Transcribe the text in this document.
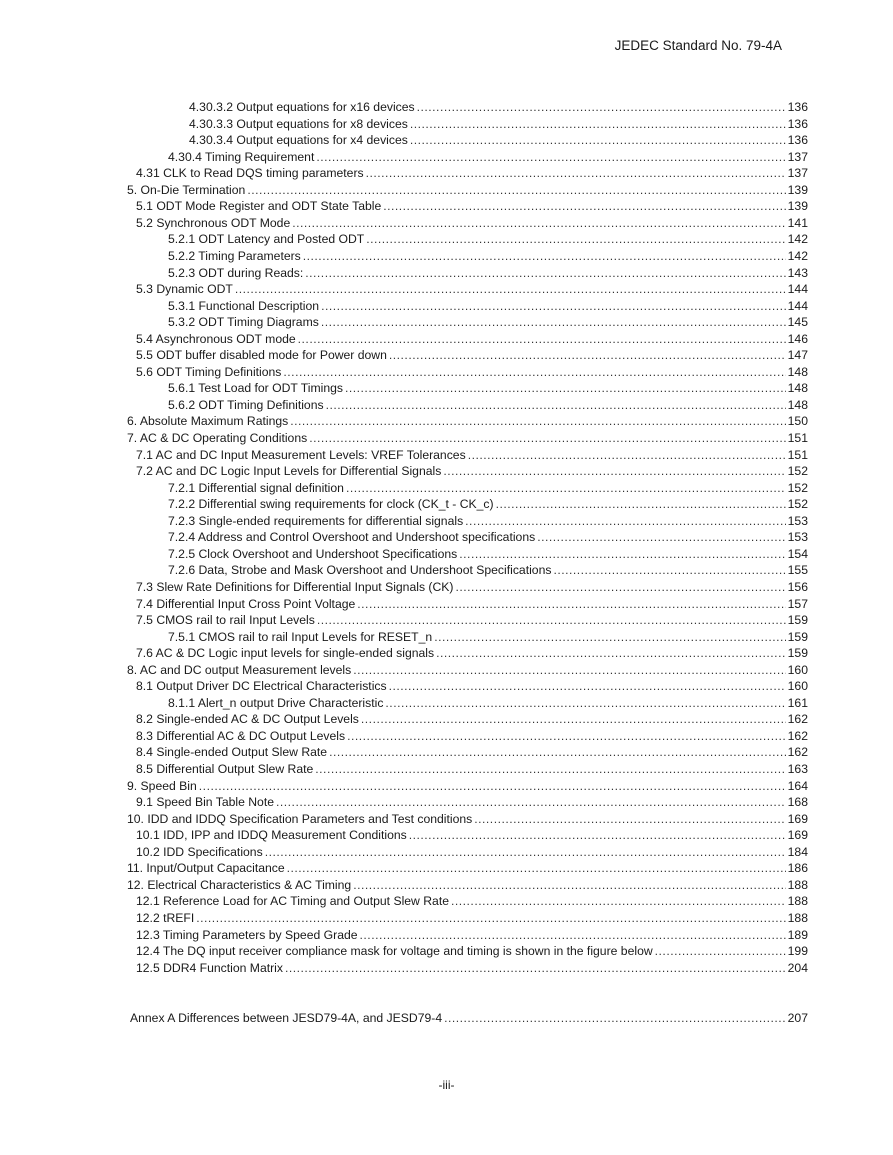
JEDEC Standard No. 79-4A
4.30.3.2 Output equations for x16 devices .....	136
4.30.3.3 Output equations for x8 devices .....	136
4.30.3.4 Output equations for x4 devices .....	136
4.30.4 Timing Requirement .....	137
4.31 CLK to Read DQS timing parameters .....	137
5. On-Die Termination .....	139
5.1 ODT Mode Register and ODT State Table .....	139
5.2 Synchronous ODT Mode .....	141
5.2.1 ODT Latency and Posted ODT .....	142
5.2.2 Timing Parameters .....	142
5.2.3 ODT during Reads: .....	143
5.3 Dynamic ODT .....	144
5.3.1 Functional Description .....	144
5.3.2 ODT Timing Diagrams .....	145
5.4 Asynchronous ODT mode .....	146
5.5 ODT buffer disabled mode for Power down .....	147
5.6 ODT Timing Definitions .....	148
5.6.1 Test Load for ODT Timings .....	148
5.6.2 ODT Timing Definitions .....	148
6. Absolute Maximum Ratings .....	150
7. AC & DC Operating Conditions .....	151
7.1 AC and DC Input Measurement Levels: VREF Tolerances .....	151
7.2 AC and DC Logic Input Levels for Differential Signals .....	152
7.2.1 Differential signal definition .....	152
7.2.2 Differential swing requirements for clock (CK_t - CK_c) .....	152
7.2.3 Single-ended requirements for differential signals .....	153
7.2.4 Address and Control Overshoot and Undershoot specifications .....	153
7.2.5 Clock Overshoot and Undershoot Specifications .....	154
7.2.6 Data, Strobe and Mask Overshoot and Undershoot Specifications .....	155
7.3 Slew Rate Definitions for Differential Input Signals (CK) .....	156
7.4 Differential Input Cross Point Voltage .....	157
7.5 CMOS rail to rail Input Levels .....	159
7.5.1 CMOS rail to rail Input Levels for RESET_n .....	159
7.6 AC & DC Logic input levels for single-ended signals .....	159
8. AC and DC output Measurement levels .....	160
8.1 Output Driver DC Electrical Characteristics .....	160
8.1.1 Alert_n output Drive Characteristic .....	161
8.2 Single-ended AC & DC Output Levels .....	162
8.3 Differential AC & DC Output Levels .....	162
8.4 Single-ended Output Slew Rate .....	162
8.5 Differential Output Slew Rate .....	163
9. Speed Bin .....	164
9.1 Speed Bin Table Note .....	168
10. IDD and IDDQ Specification Parameters and Test conditions .....	169
10.1 IDD, IPP and IDDQ Measurement Conditions .....	169
10.2 IDD Specifications .....	184
11. Input/Output Capacitance .....	186
12. Electrical Characteristics & AC Timing .....	188
12.1 Reference Load for AC Timing and Output Slew Rate .....	188
12.2 tREFI .....	188
12.3 Timing Parameters by Speed Grade .....	189
12.4 The DQ input receiver compliance mask for voltage and timing is shown in the figure below .....	199
12.5 DDR4 Function Matrix .....	204
Annex A Differences between JESD79-4A, and JESD79-4 .....	207
-iii-
